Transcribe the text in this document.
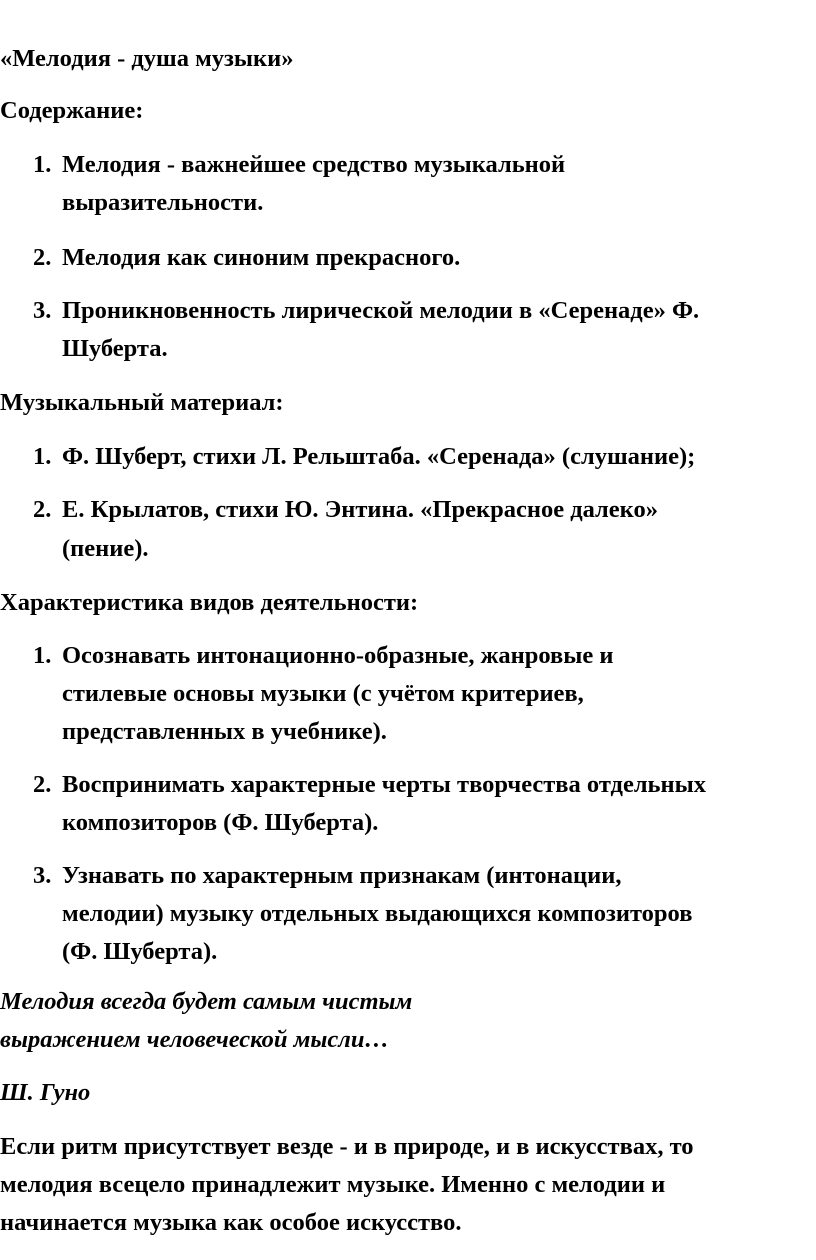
«Мелодия - душа музыки»
Содержание:
1. Мелодия - важнейшее средство музыкальной
выразительности.
2. Мелодия как синоним прекрасного.
3. Проникновенность лирической мелодии в «Серенаде» Ф.
Шуберта.
Музыкальный материал:
1. Ф. Шуберт, стихи Л. Рельштаба. «Серенада» (слушание);
2. Е. Крылатов, стихи Ю. Энтина. «Прекрасное далеко»
(пение).
Характеристика видов деятельности:
1. Осознавать интонационно-образные, жанровые и
стилевые основы музыки (с учётом критериев,
представленных в учебнике).
2. Воспринимать характерные черты творчества отдельных
композиторов (Ф. Шуберта).
3. Узнавать по характерным признакам (интонации,
мелодии) музыку отдельных выдающихся композиторов
(Ф. Шуберта).
Мелодия всегда будет самым чистым
выражением человеческой мысли…
Ш. Гуно
Если ритм присутствует везде - и в природе, и в искусствах, то
мелодия всецело принадлежит музыке. Именно с мелодии и
начинается музыка как особое искусство.
